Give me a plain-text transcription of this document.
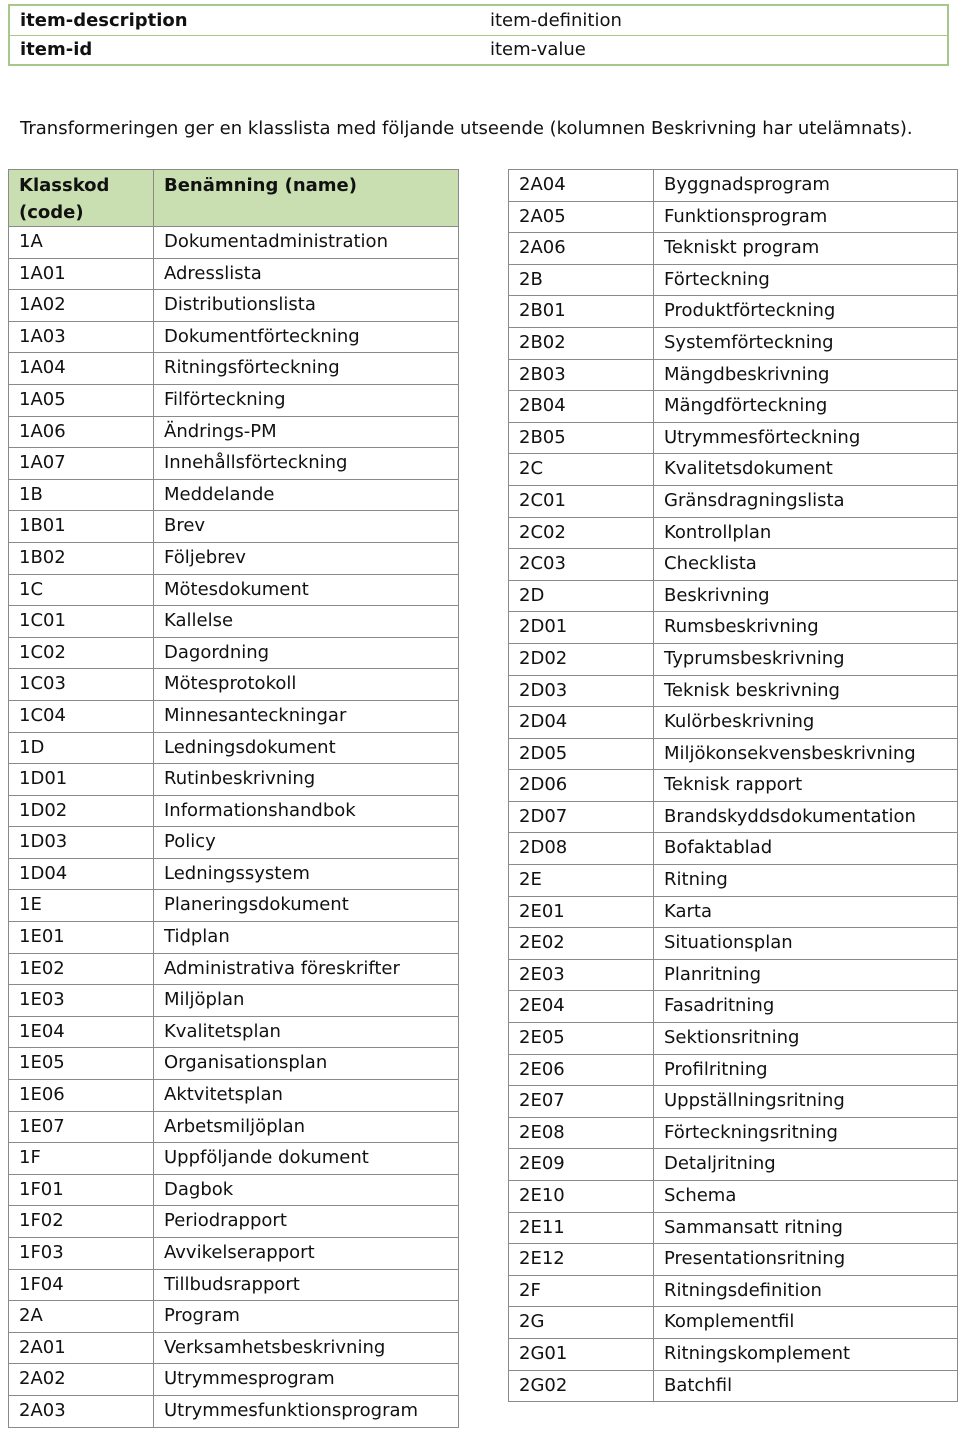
item-description	item-definition
item-id	item-value
Transformeringen ger en klasslista med följande utseende (kolumnen Beskrivning har utelämnats).
Klasskod (code)	Benämning (name)
1A	Dokumentadministration
1A01	Adresslista
1A02	Distributionslista
1A03	Dokumentförteckning
1A04	Ritningsförteckning
1A05	Filförteckning
1A06	Ändrings-PM
1A07	Innehållsförteckning
1B	Meddelande
1B01	Brev
1B02	Följebrev
1C	Mötesdokument
1C01	Kallelse
1C02	Dagordning
1C03	Mötesprotokoll
1C04	Minnesanteckningar
1D	Ledningsdokument
1D01	Rutinbeskrivning
1D02	Informationshandbok
1D03	Policy
1D04	Ledningssystem
1E	Planeringsdokument
1E01	Tidplan
1E02	Administrativa föreskrifter
1E03	Miljöplan
1E04	Kvalitetsplan
1E05	Organisationsplan
1E06	Aktvitetsplan
1E07	Arbetsmiljöplan
1F	Uppföljande dokument
1F01	Dagbok
1F02	Periodrapport
1F03	Avvikelserapport
1F04	Tillbudsrapport
2A	Program
2A01	Verksamhetsbeskrivning
2A02	Utrymmesprogram
2A03	Utrymmesfunktionsprogram
2A04	Byggnadsprogram
2A05	Funktionsprogram
2A06	Tekniskt program
2B	Förteckning
2B01	Produktförteckning
2B02	Systemförteckning
2B03	Mängdbeskrivning
2B04	Mängdförteckning
2B05	Utrymmesförteckning
2C	Kvalitetsdokument
2C01	Gränsdragningslista
2C02	Kontrollplan
2C03	Checklista
2D	Beskrivning
2D01	Rumsbeskrivning
2D02	Typrumsbeskrivning
2D03	Teknisk beskrivning
2D04	Kulörbeskrivning
2D05	Miljökonsekvensbeskrivning
2D06	Teknisk rapport
2D07	Brandskyddsdokumentation
2D08	Bofaktablad
2E	Ritning
2E01	Karta
2E02	Situationsplan
2E03	Planritning
2E04	Fasadritning
2E05	Sektionsritning
2E06	Profilritning
2E07	Uppställningsritning
2E08	Förteckningsritning
2E09	Detaljritning
2E10	Schema
2E11	Sammansatt ritning
2E12	Presentationsritning
2F	Ritningsdefinition
2G	Komplementfil
2G01	Ritningskomplement
2G02	Batchfil
